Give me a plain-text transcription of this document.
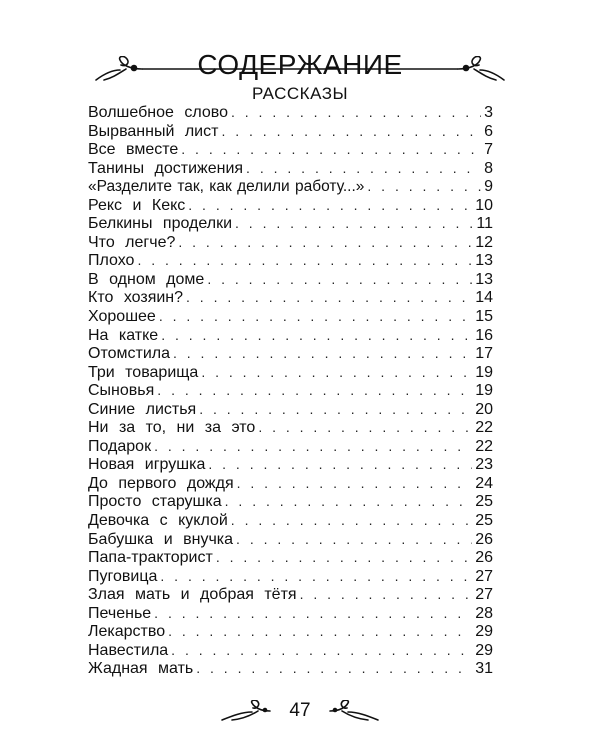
СОДЕРЖАНИЕ
РАССКАЗЫ
Волшебное слово . . .	3
Вырванный лист . . .	6
Все вместе . . .	7
Танины достижения . . .	8
«Разделите так, как делили работу...» . . .	9
Рекс и Кекс . . .	10
Белкины проделки . . .	11
Что легче? . . .	12
Плохо . . .	13
В одном доме . . .	13
Кто хозяин? . . .	14
Хорошее . . .	15
На катке . . .	16
Отомстила . . .	17
Три товарища . . .	19
Сыновья . . .	19
Синие листья . . .	20
Ни за то, ни за это . . .	22
Подарок . . .	22
Новая игрушка . . .	23
До первого дождя . . .	24
Просто старушка . . .	25
Девочка с куклой . . .	25
Бабушка и внучка . . .	26
Папа-тракторист . . .	26
Пуговица . . .	27
Злая мать и добрая тётя . . .	27
Печенье . . .	28
Лекарство . . .	29
Навестила . . .	29
Жадная мать . . .	31
47
